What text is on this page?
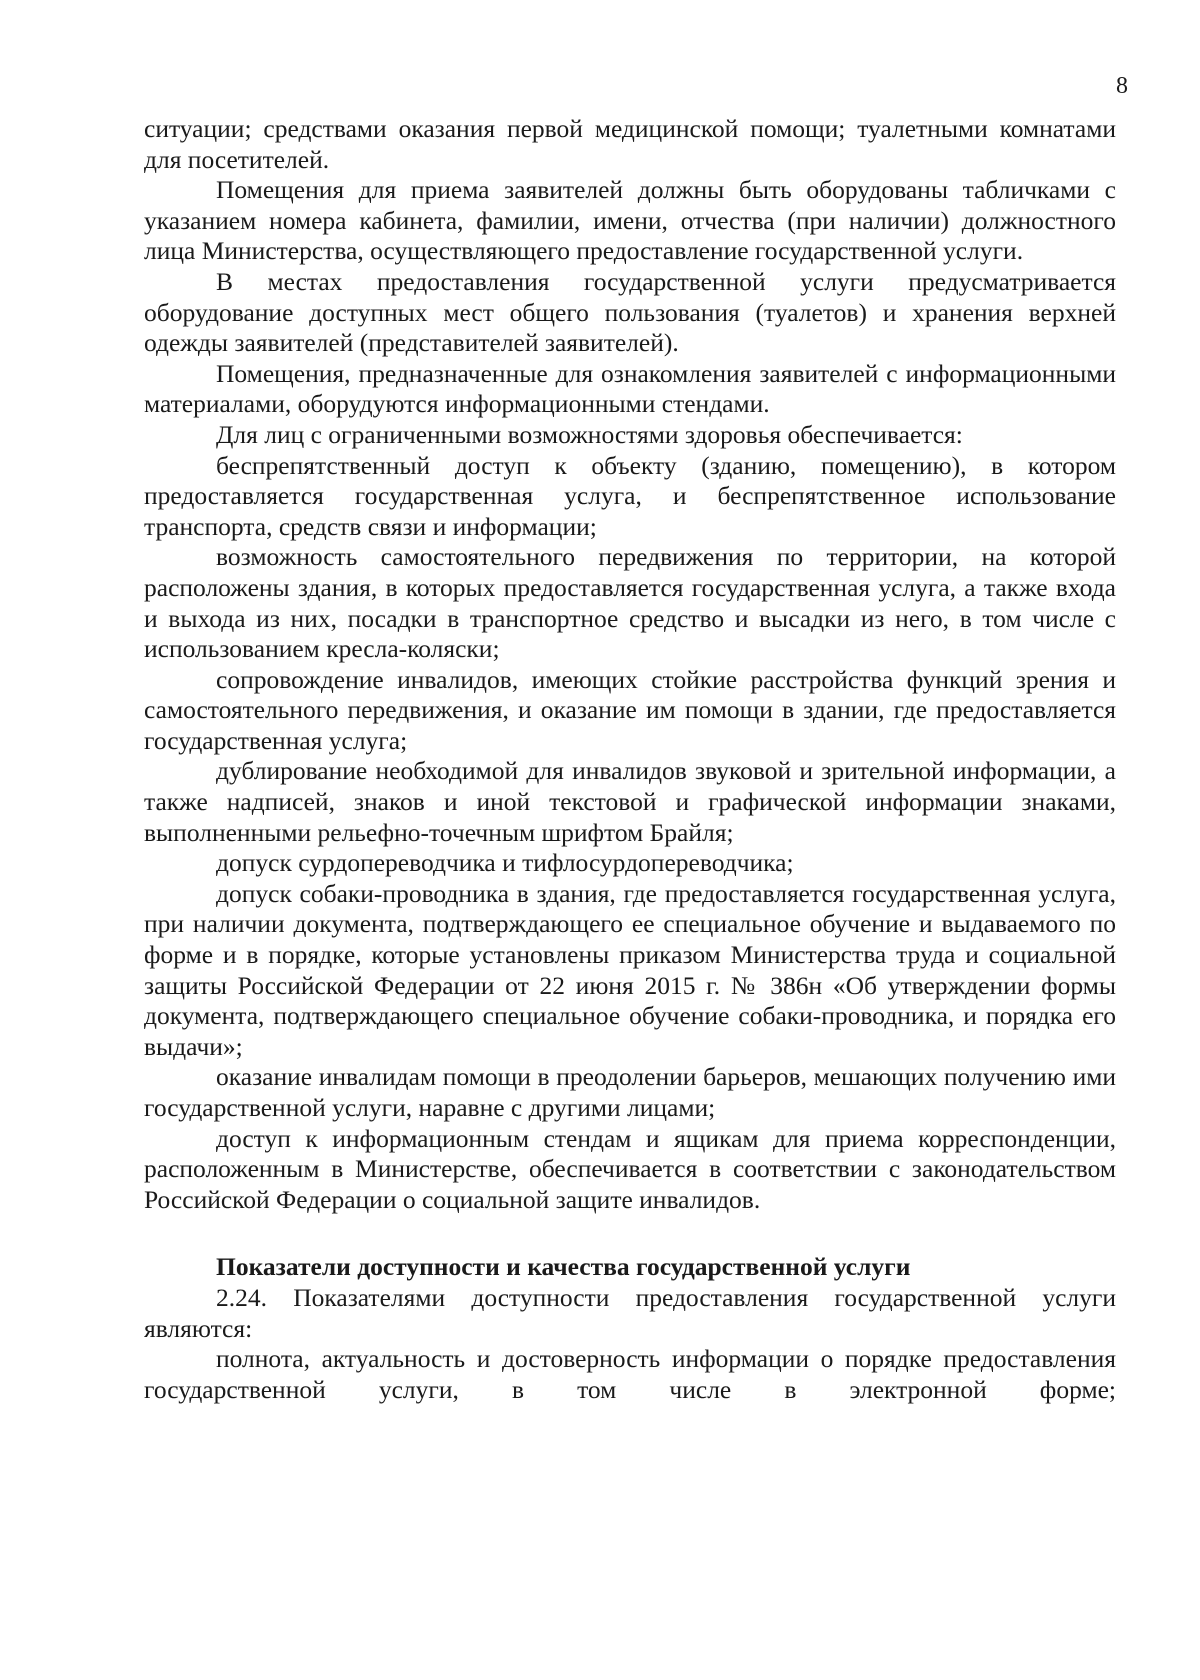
8

ситуации; средствами оказания первой медицинской помощи; туалетными комнатами для посетителей.

Помещения для приема заявителей должны быть оборудованы табличками с указанием номера кабинета, фамилии, имени, отчества (при наличии) должностного лица Министерства, осуществляющего предоставление государственной услуги.

В местах предоставления государственной услуги предусматривается оборудование доступных мест общего пользования (туалетов) и хранения верхней одежды заявителей (представителей заявителей).

Помещения, предназначенные для ознакомления заявителей с информационными материалами, оборудуются информационными стендами.

Для лиц с ограниченными возможностями здоровья обеспечивается:

беспрепятственный доступ к объекту (зданию, помещению), в котором предоставляется государственная услуга, и беспрепятственное использование транспорта, средств связи и информации;

возможность самостоятельного передвижения по территории, на которой расположены здания, в которых предоставляется государственная услуга, а также входа и выхода из них, посадки в транспортное средство и высадки из него, в том числе с использованием кресла-коляски;

сопровождение инвалидов, имеющих стойкие расстройства функций зрения и самостоятельного передвижения, и оказание им помощи в здании, где предоставляется государственная услуга;

дублирование необходимой для инвалидов звуковой и зрительной информации, а также надписей, знаков и иной текстовой и графической информации знаками, выполненными рельефно-точечным шрифтом Брайля;

допуск сурдопереводчика и тифлосурдопереводчика;

допуск собаки-проводника в здания, где предоставляется государственная услуга, при наличии документа, подтверждающего ее специальное обучение и выдаваемого по форме и в порядке, которые установлены приказом Министерства труда и социальной защиты Российской Федерации от 22 июня 2015 г. № 386н «Об утверждении формы документа, подтверждающего специальное обучение собаки-проводника, и порядка его выдачи»;

оказание инвалидам помощи в преодолении барьеров, мешающих получению ими государственной услуги, наравне с другими лицами;

доступ к информационным стендам и ящикам для приема корреспонденции, расположенным в Министерстве, обеспечивается в соответствии с законодательством Российской Федерации о социальной защите инвалидов.

Показатели доступности и качества государственной услуги

2.24. Показателями доступности предоставления государственной услуги являются:

полнота, актуальность и достоверность информации о порядке предоставления государственной услуги, в том числе в электронной форме;
